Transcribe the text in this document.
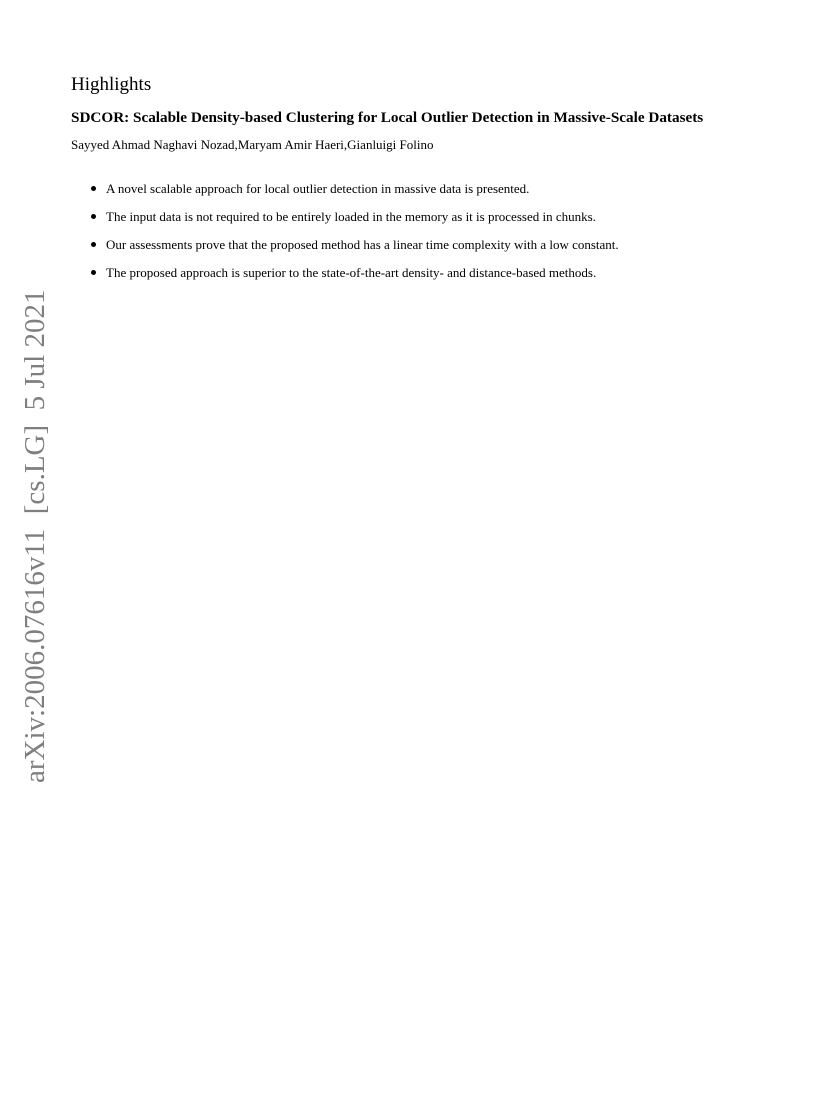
Highlights
SDCOR: Scalable Density-based Clustering for Local Outlier Detection in Massive-Scale Datasets

Sayyed Ahmad Naghavi Nozad,Maryam Amir Haeri,Gianluigi Folino

A novel scalable approach for local outlier detection in massive data is presented.
The input data is not required to be entirely loaded in the memory as it is processed in chunks.
Our assessments prove that the proposed method has a linear time complexity with a low constant.
The proposed approach is superior to the state-of-the-art density- and distance-based methods.
arXiv:2006.07616v11  [cs.LG]  5 Jul 2021
